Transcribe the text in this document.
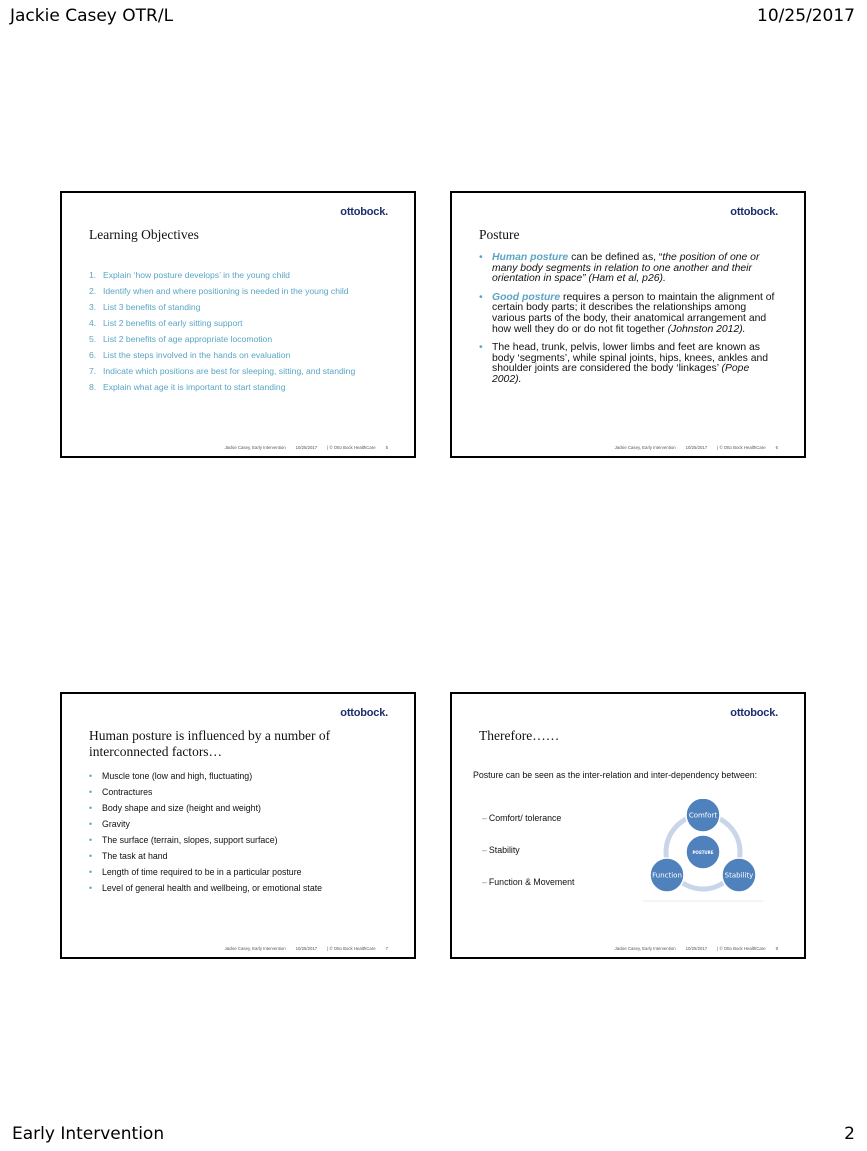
Jackie Casey OTR/L	10/25/2017
ottobock.
Learning Objectives
1. Explain ‘how posture develops’ in the young child
2. Identify when and where positioning is needed in the young child
3. List 3 benefits of standing
4. List 2 benefits of early sitting support
5. List 2 benefits of age appropriate locomotion
6. List the steps involved in the hands on evaluation
7. Indicate which positions are best for sleeping, sitting, and standing
8. Explain what age it is important to start standing
Jackie Casey, Early Intervention 10/25/2017 | © Otto Bock HealthCare 5
ottobock.
Posture
• Human posture can be defined as, “the position of one or many body segments in relation to one another and their orientation in space” (Ham et al, p26).
• Good posture requires a person to maintain the alignment of certain body parts; it describes the relationships among various parts of the body, their anatomical arrangement and how well they do or do not fit together (Johnston 2012).
• The head, trunk, pelvis, lower limbs and feet are known as body ‘segments’, while spinal joints, hips, knees, ankles and shoulder joints are considered the body ‘linkages’ (Pope 2002).
Jackie Casey, Early Intervention 10/25/2017 | © Otto Bock HealthCare 6
ottobock.
Human posture is influenced by a number of interconnected factors…
• Muscle tone (low and high, fluctuating)
• Contractures
• Body shape and size (height and weight)
• Gravity
• The surface (terrain, slopes, support surface)
• The task at hand
• Length of time required to be in a particular posture
• Level of general health and wellbeing, or emotional state
Jackie Casey, Early Intervention 10/25/2017 | © Otto Bock HealthCare 7
ottobock.
Therefore……
Posture can be seen as the inter-relation and inter-dependency between:
– Comfort/ tolerance
– Stability
– Function & Movement
POSTURE
Comfort
Function	Stability
Jackie Casey, Early Intervention 10/25/2017 | © Otto Bock HealthCare 8
Early Intervention	2
